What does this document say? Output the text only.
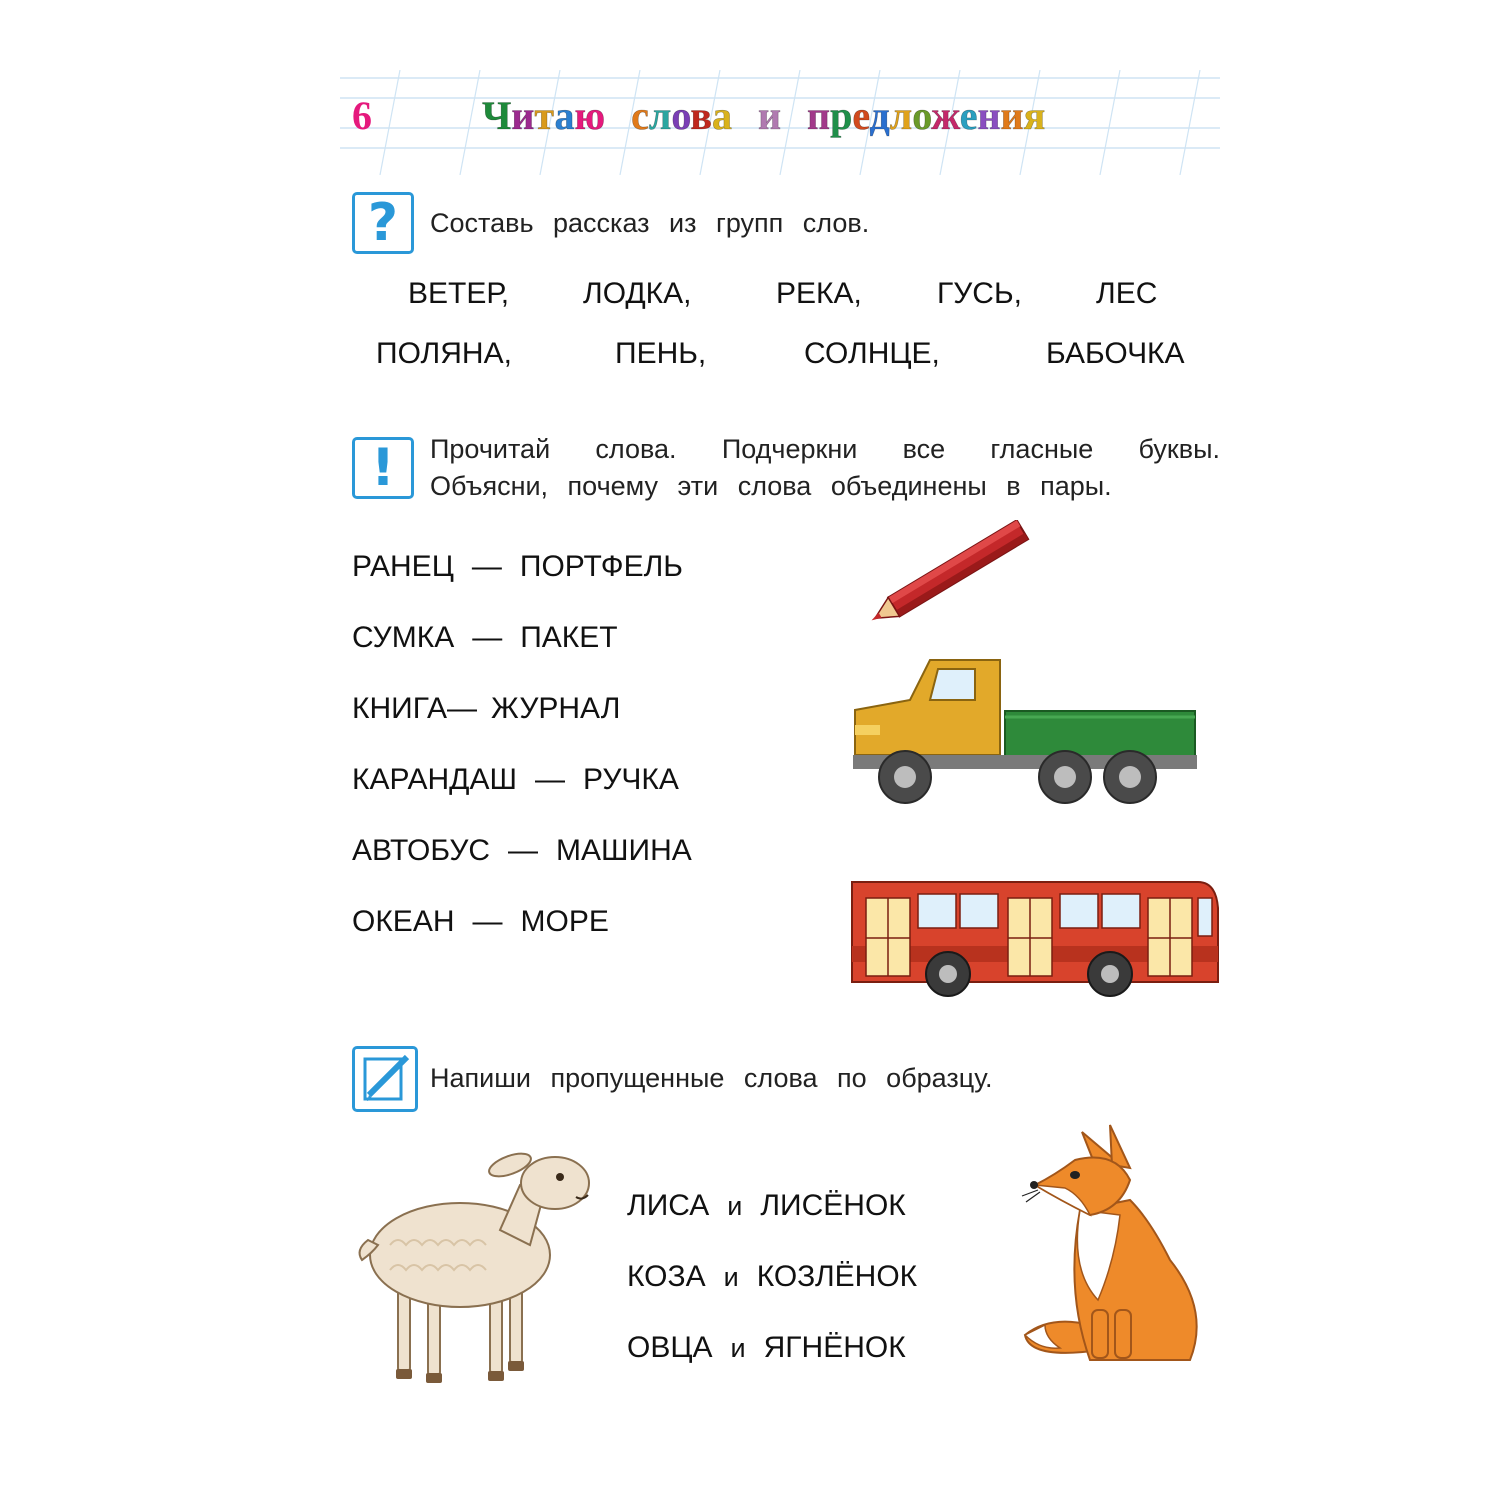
6	Читаю слова и предложения
?	Составь рассказ из групп слов.
ВЕТЕР, ЛОДКА,	РЕКА,	ГУСЬ, ЛЕС
ПОЛЯНА,	ПЕНЬ,	СОЛНЦЕ,	БАБОЧКА
!	Прочитай слова. Подчеркни все гласные буквы.
Объясни, почему эти слова объединены в пары.
РАНЕЦ — ПОРТФЕЛЬ
СУМКА — ПАКЕТ
КНИГА— ЖУРНАЛ
КАРАНДАШ — РУЧКА
АВТОБУС — МАШИНА
ОКЕАН — МОРЕ
Напиши пропущенные слова по образцу.
ЛИСА и ЛИСЁНОК
КОЗА и КОЗЛЁНОК
ОВЦА и ЯГНЁНОК
